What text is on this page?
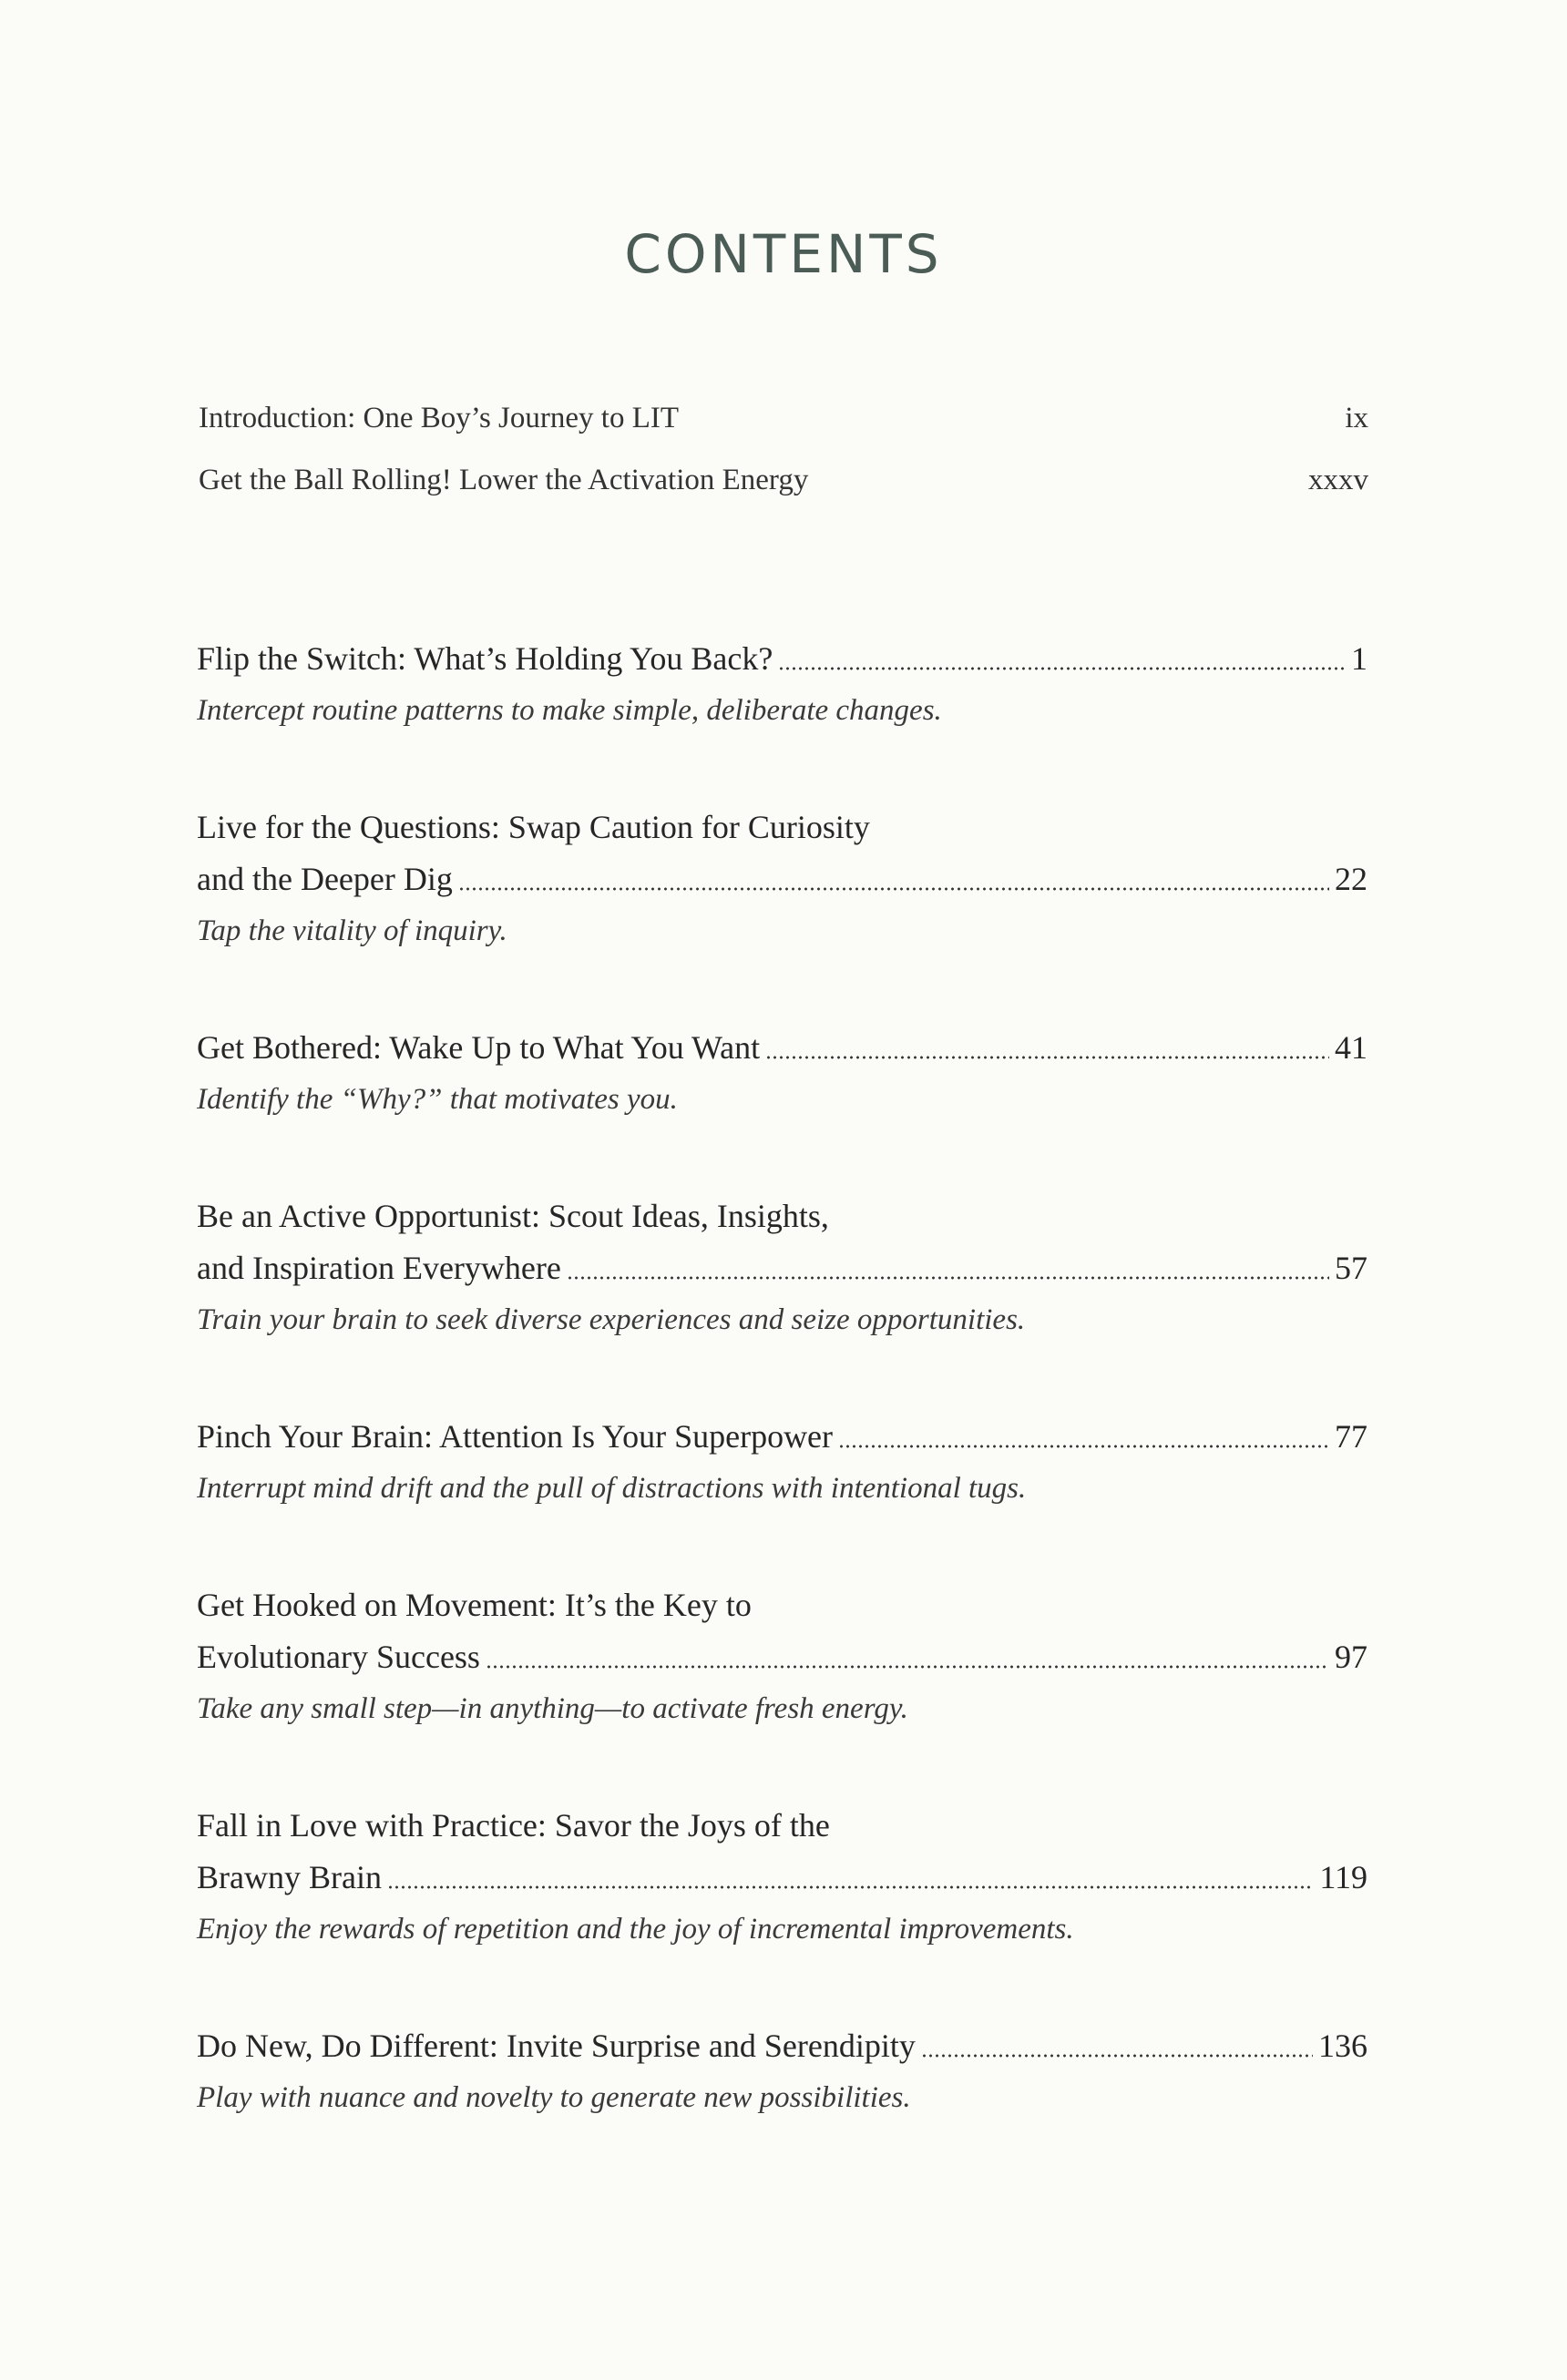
CONTENTS
Introduction: One Boy’s Journey to LIT	ix
Get the Ball Rolling! Lower the Activation Energy	xxxv
Flip the Switch: What’s Holding You Back?	1
Intercept routine patterns to make simple, deliberate changes.
Live for the Questions: Swap Caution for Curiosity
and the Deeper Dig	22
Tap the vitality of inquiry.
Get Bothered: Wake Up to What You Want	41
Identify the “Why?” that motivates you.
Be an Active Opportunist: Scout Ideas, Insights,
and Inspiration Everywhere	57
Train your brain to seek diverse experiences and seize opportunities.
Pinch Your Brain: Attention Is Your Superpower	77
Interrupt mind drift and the pull of distractions with intentional tugs.
Get Hooked on Movement: It’s the Key to
Evolutionary Success	97
Take any small step—in anything—to activate fresh energy.
Fall in Love with Practice: Savor the Joys of the
Brawny Brain	119
Enjoy the rewards of repetition and the joy of incremental improvements.
Do New, Do Different: Invite Surprise and Serendipity	136
Play with nuance and novelty to generate new possibilities.
